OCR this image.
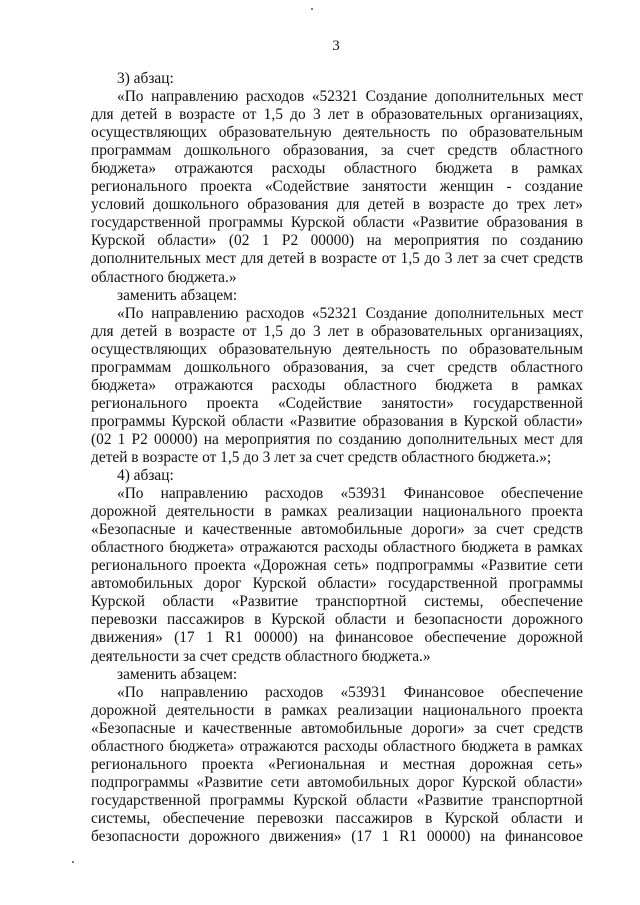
3

3) абзац:

«По направлению расходов «52321 Создание дополнительных мест для детей в возрасте от 1,5 до 3 лет в образовательных организациях, осуществляющих образовательную деятельность по образовательным программам дошкольного образования, за счет средств областного бюджета» отражаются расходы областного бюджета в рамках регионального проекта «Содействие занятости женщин - создание условий дошкольного образования для детей в возрасте до трех лет» государственной программы Курской области «Развитие образования в Курской области» (02 1 Р2 00000) на мероприятия по созданию дополнительных мест для детей в возрасте от 1,5 до 3 лет за счет средств областного бюджета.»

заменить абзацем:

«По направлению расходов «52321 Создание дополнительных мест для детей в возрасте от 1,5 до 3 лет в образовательных организациях, осуществляющих образовательную деятельность по образовательным программам дошкольного образования, за счет средств областного бюджета» отражаются расходы областного бюджета в рамках регионального проекта «Содействие занятости» государственной программы Курской области «Развитие образования в Курской области» (02 1 Р2 00000) на мероприятия по созданию дополнительных мест для детей в возрасте от 1,5 до 3 лет за счет средств областного бюджета.»;

4) абзац:

«По направлению расходов «53931 Финансовое обеспечение дорожной деятельности в рамках реализации национального проекта «Безопасные и качественные автомобильные дороги» за счет средств областного бюджета» отражаются расходы областного бюджета в рамках регионального проекта «Дорожная сеть» подпрограммы «Развитие сети автомобильных дорог Курской области» государственной программы Курской области «Развитие транспортной системы, обеспечение перевозки пассажиров в Курской области и безопасности дорожного движения» (17 1 R1 00000) на финансовое обеспечение дорожной деятельности за счет средств областного бюджета.»

заменить абзацем:

«По направлению расходов «53931 Финансовое обеспечение дорожной деятельности в рамках реализации национального проекта «Безопасные и качественные автомобильные дороги» за счет средств областного бюджета» отражаются расходы областного бюджета в рамках регионального проекта «Региональная и местная дорожная сеть» подпрограммы «Развитие сети автомобильных дорог Курской области» государственной программы Курской области «Развитие транспортной системы, обеспечение перевозки пассажиров в Курской области и безопасности дорожного движения» (17 1 R1 00000) на финансовое
